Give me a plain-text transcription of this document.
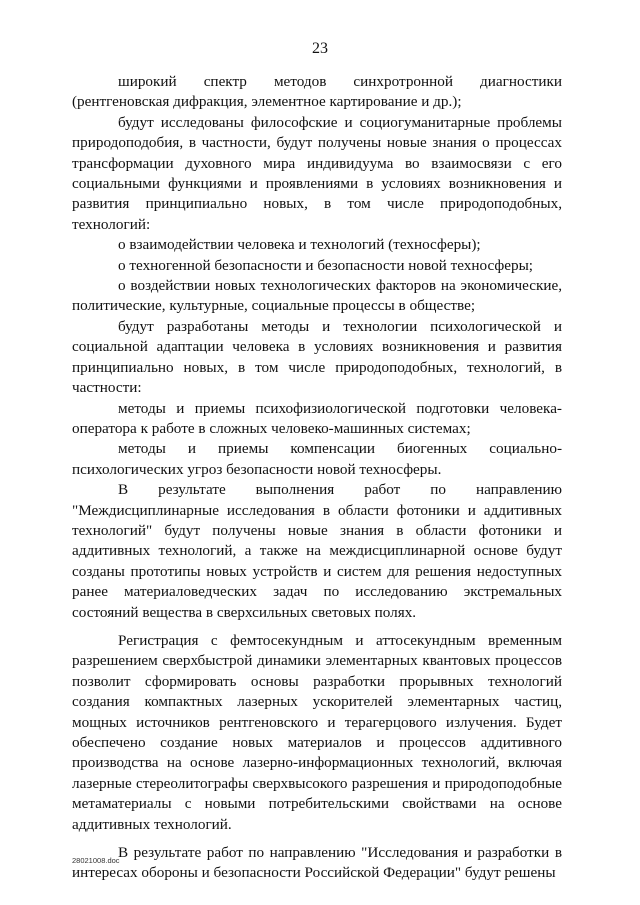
23

широкий спектр методов синхротронной диагностики (рентгеновская дифракция, элементное картирование и др.);

будут исследованы философские и социогуманитарные проблемы природоподобия, в частности, будут получены новые знания о процессах трансформации духовного мира индивидуума во взаимосвязи с его социальными функциями и проявлениями в условиях возникновения и развития принципиально новых, в том числе природоподобных, технологий:

о взаимодействии человека и технологий (техносферы);

о техногенной безопасности и безопасности новой техносферы;

о воздействии новых технологических факторов на экономические, политические, культурные, социальные процессы в обществе;

будут разработаны методы и технологии психологической и социальной адаптации человека в условиях возникновения и развития принципиально новых, в том числе природоподобных, технологий, в частности:

методы и приемы психофизиологической подготовки человека-оператора к работе в сложных человеко-машинных системах;

методы и приемы компенсации биогенных социально-психологических угроз безопасности новой техносферы.

В результате выполнения работ по направлению "Междисциплинарные исследования в области фотоники и аддитивных технологий" будут получены новые знания в области фотоники и аддитивных технологий, а также на междисциплинарной основе будут созданы прототипы новых устройств и систем для решения недоступных ранее материаловедческих задач по исследованию экстремальных состояний вещества в сверхсильных световых полях.

Регистрация с фемтосекундным и аттосекундным временным разрешением сверхбыстрой динамики элементарных квантовых процессов позволит сформировать основы разработки прорывных технологий создания компактных лазерных ускорителей элементарных частиц, мощных источников рентгеновского и терагерцового излучения. Будет обеспечено создание новых материалов и процессов аддитивного производства на основе лазерно-информационных технологий, включая лазерные стереолитографы сверхвысокого разрешения и природоподобные метаматериалы с новыми потребительскими свойствами на основе аддитивных технологий.

В результате работ по направлению "Исследования и разработки в интересах обороны и безопасности Российской Федерации" будут решены

28021008.doc
